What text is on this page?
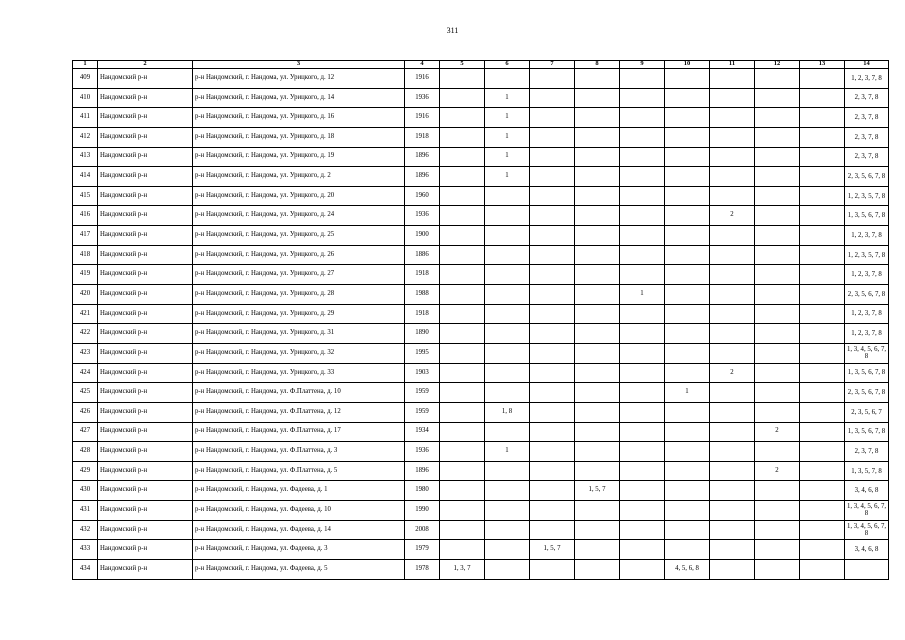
311
1	2	3	4	5	6	7	8	9	10	11	12	13	14
409	Нандомский р-н	р-н Нандомский, г. Нандома, ул. Урицкого, д. 12	1916										1, 2, 3, 7, 8
410	Нандомский р-н	р-н Нандомский, г. Нандома, ул. Урицкого, д. 14	1936		1								2, 3, 7, 8
411	Нандомский р-н	р-н Нандомский, г. Нандома, ул. Урицкого, д. 16	1916		1								2, 3, 7, 8
412	Нандомский р-н	р-н Нандомский, г. Нандома, ул. Урицкого, д. 18	1918		1								2, 3, 7, 8
413	Нандомский р-н	р-н Нандомский, г. Нандома, ул. Урицкого, д. 19	1896		1								2, 3, 7, 8
414	Нандомский р-н	р-н Нандомский, г. Нандома, ул. Урицкого, д. 2	1896		1								2, 3, 5, 6, 7, 8
415	Нандомский р-н	р-н Нандомский, г. Нандома, ул. Урицкого, д. 20	1960										1, 2, 3, 5, 7, 8
416	Нандомский р-н	р-н Нандомский, г. Нандома, ул. Урицкого, д. 24	1936							2			1, 3, 5, 6, 7, 8
417	Нандомский р-н	р-н Нандомский, г. Нандома, ул. Урицкого, д. 25	1900										1, 2, 3, 7, 8
418	Нандомский р-н	р-н Нандомский, г. Нандома, ул. Урицкого, д. 26	1886										1, 2, 3, 5, 7, 8
419	Нандомский р-н	р-н Нандомский, г. Нандома, ул. Урицкого, д. 27	1918										1, 2, 3, 7, 8
420	Нандомский р-н	р-н Нандомский, г. Нандома, ул. Урицкого, д. 28	1988					1					2, 3, 5, 6, 7, 8
421	Нандомский р-н	р-н Нандомский, г. Нандома, ул. Урицкого, д. 29	1918										1, 2, 3, 7, 8
422	Нандомский р-н	р-н Нандомский, г. Нандома, ул. Урицкого, д. 31	1890										1, 2, 3, 7, 8
423	Нандомский р-н	р-н Нандомский, г. Нандома, ул. Урицкого, д. 32	1995										1, 3, 4, 5, 6, 7, 8
424	Нандомский р-н	р-н Нандомский, г. Нандома, ул. Урицкого, д. 33	1903							2			1, 3, 5, 6, 7, 8
425	Нандомский р-н	р-н Нандомский, г. Нандома, ул. Ф.Платтена, д. 10	1959						1				2, 3, 5, 6, 7, 8
426	Нандомский р-н	р-н Нандомский, г. Нандома, ул. Ф.Платтена, д. 12	1959		1, 8								2, 3, 5, 6, 7
427	Нандомский р-н	р-н Нандомский, г. Нандома, ул. Ф.Платтена, д. 17	1934								2		1, 3, 5, 6, 7, 8
428	Нандомский р-н	р-н Нандомский, г. Нандома, ул. Ф.Платтена, д. 3	1936		1								2, 3, 7, 8
429	Нандомский р-н	р-н Нандомский, г. Нандома, ул. Ф.Платтена, д. 5	1896								2		1, 3, 5, 7, 8
430	Нандомский р-н	р-н Нандомский, г. Нандома, ул. Фадеева, д. 1	1980				1, 5, 7						3, 4, 6, 8
431	Нандомский р-н	р-н Нандомский, г. Нандома, ул. Фадеева, д. 10	1990										1, 3, 4, 5, 6, 7, 8
432	Нандомский р-н	р-н Нандомский, г. Нандома, ул. Фадеева, д. 14	2008										1, 3, 4, 5, 6, 7, 8
433	Нандомский р-н	р-н Нандомский, г. Нандома, ул. Фадеева, д. 3	1979			1, 5, 7							3, 4, 6, 8
434	Нандомский р-н	р-н Нандомский, г. Нандома, ул. Фадеева, д. 5	1978	1, 3, 7					4, 5, 6, 8				
